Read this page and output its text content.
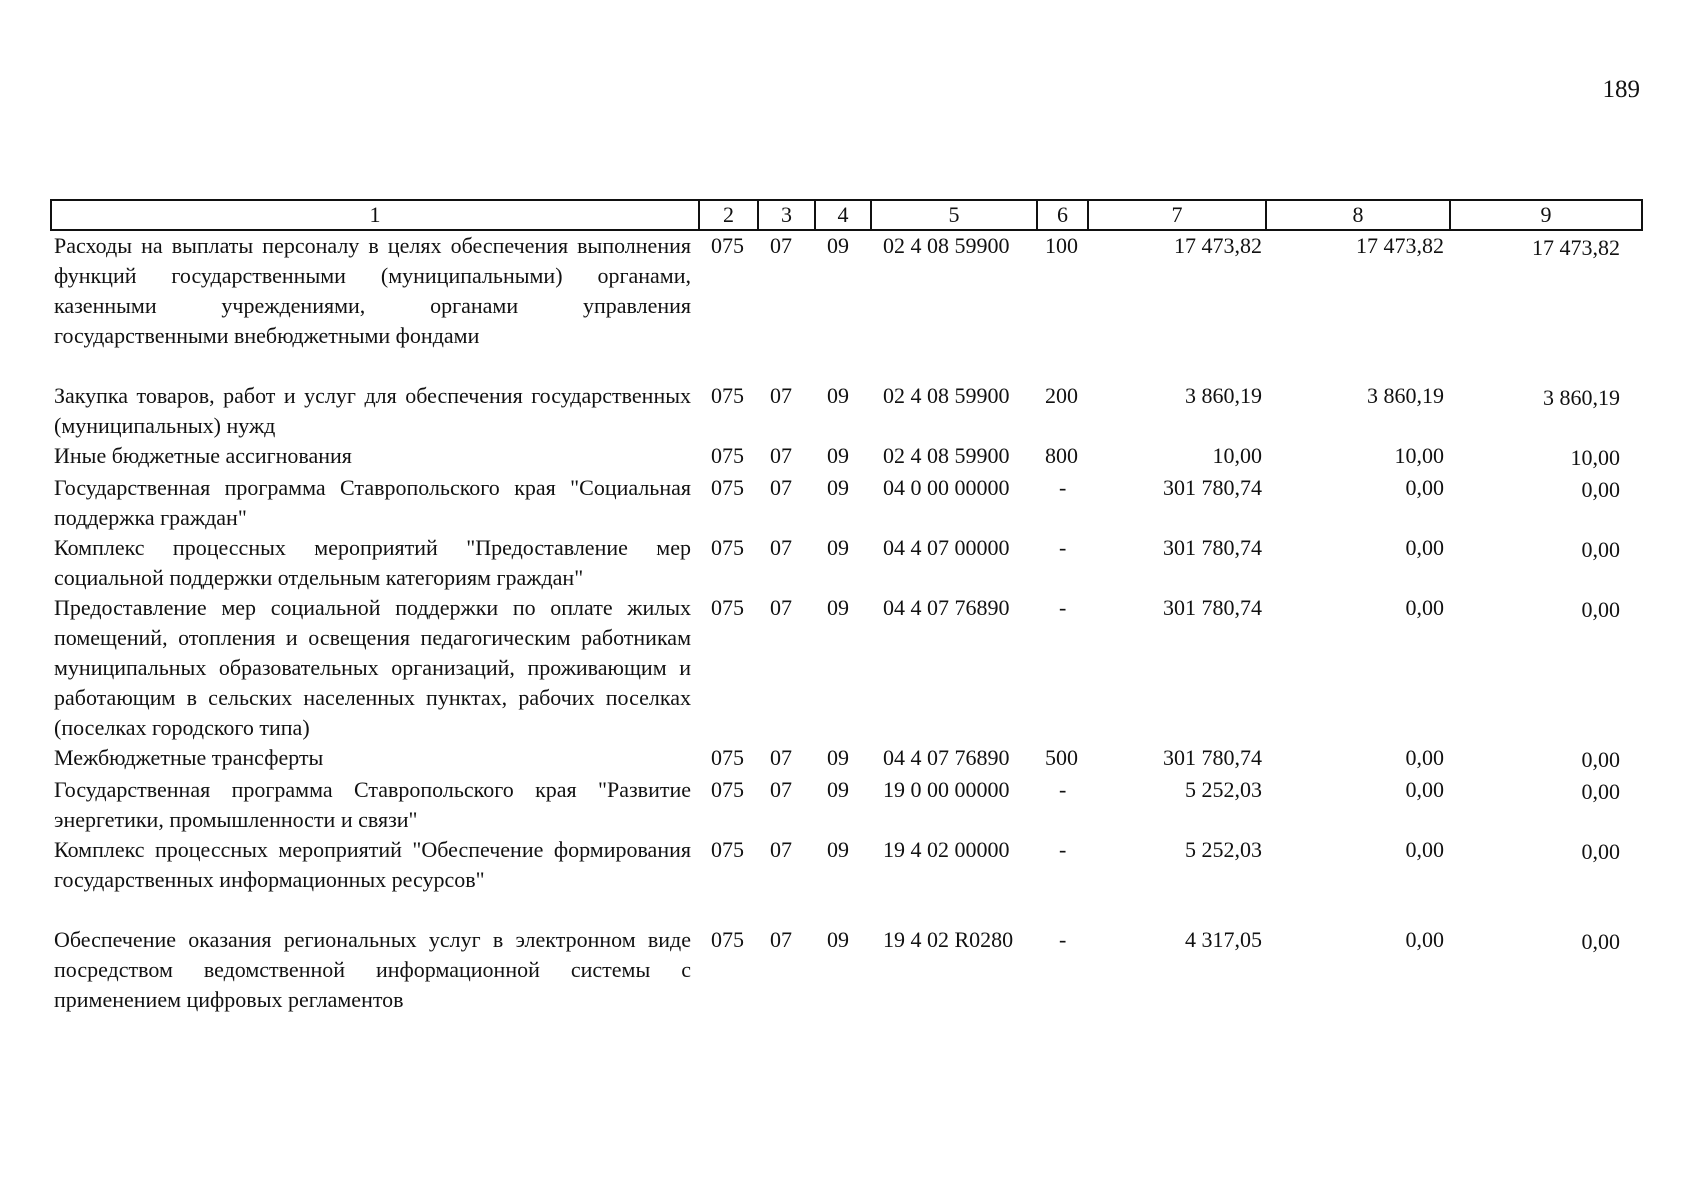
189
1	2	3	4	5	6	7	8	9
Расходы на выплаты персоналу в целях обеспечения выполнения функций государственными (муниципальными) органами, казенными учреждениями, органами управления государственными внебюджетными фондами	075	07	09	02 4 08 59900	100	17 473,82	17 473,82	17 473,82
Закупка товаров, работ и услуг для обеспечения государственных (муниципальных) нужд	075	07	09	02 4 08 59900	200	3 860,19	3 860,19	3 860,19
Иные бюджетные ассигнования	075	07	09	02 4 08 59900	800	10,00	10,00	10,00
Государственная программа Ставропольского края "Социальная поддержка граждан"	075	07	09	04 0 00 00000	-	301 780,74	0,00	0,00
Комплекс процессных мероприятий "Предоставление мер социальной поддержки отдельным категориям граждан"	075	07	09	04 4 07 00000	-	301 780,74	0,00	0,00
Предоставление мер социальной поддержки по оплате жилых помещений, отопления и освещения педагогическим работникам муниципальных образовательных организаций, проживающим и работающим в сельских населенных пунктах, рабочих поселках (поселках городского типа)	075	07	09	04 4 07 76890	-	301 780,74	0,00	0,00
Межбюджетные трансферты	075	07	09	04 4 07 76890	500	301 780,74	0,00	0,00
Государственная программа Ставропольского края "Развитие энергетики, промышленности и связи"	075	07	09	19 0 00 00000	-	5 252,03	0,00	0,00
Комплекс процессных мероприятий "Обеспечение формирования государственных информационных ресурсов"	075	07	09	19 4 02 00000	-	5 252,03	0,00	0,00
Обеспечение оказания региональных услуг в электронном виде посредством ведомственной информационной системы с применением цифровых регламентов	075	07	09	19 4 02 R0280	-	4 317,05	0,00	0,00
